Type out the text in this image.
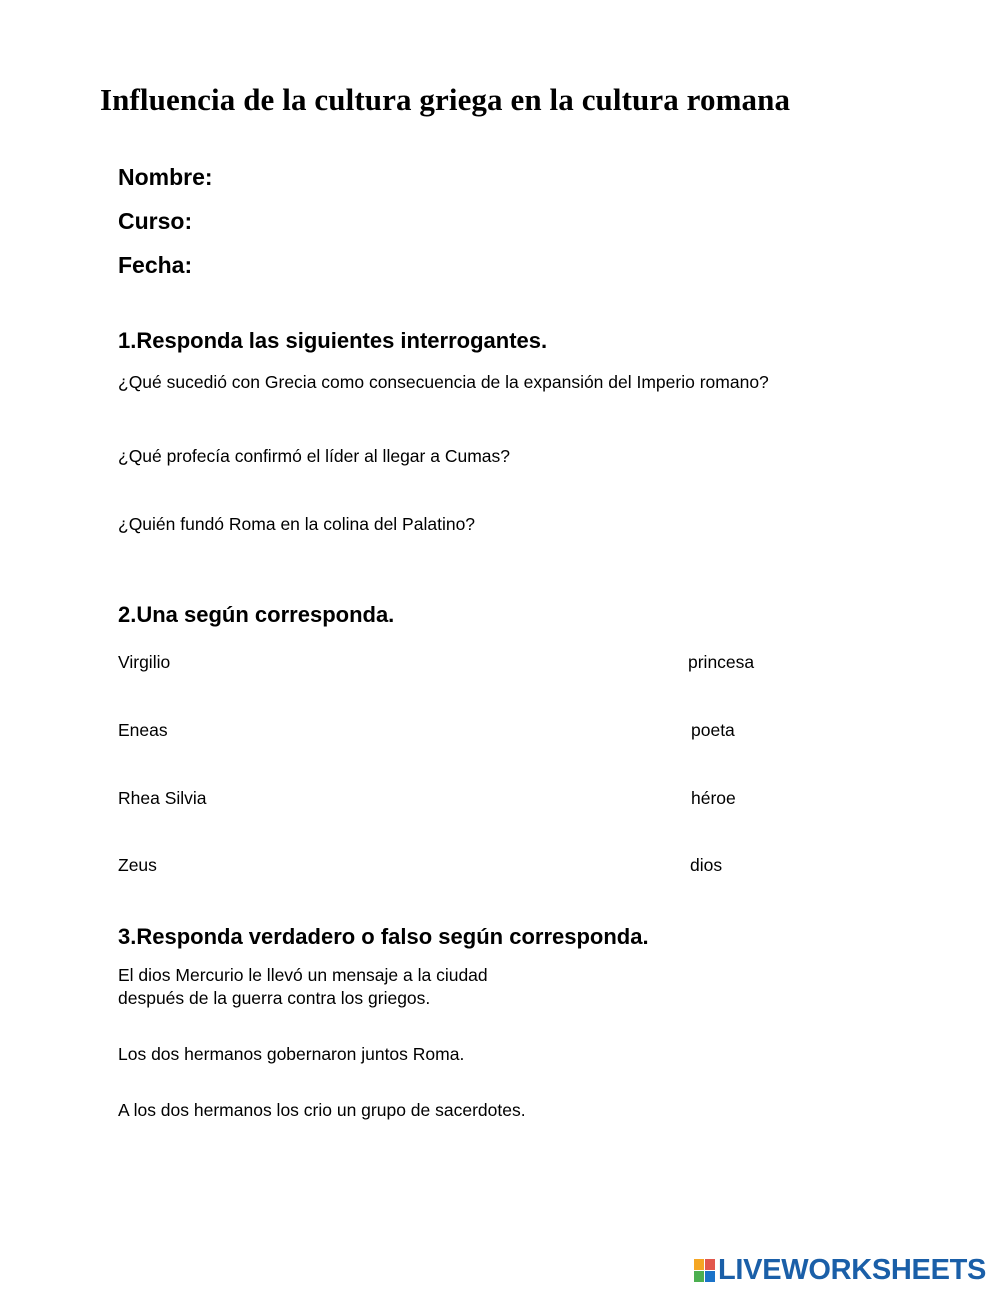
Influencia de la cultura griega en la cultura romana
Nombre:
Curso:
Fecha:
1.Responda las siguientes interrogantes.
¿Qué sucedió con Grecia como consecuencia de la expansión del Imperio romano?
¿Qué profecía confirmó el líder al llegar a Cumas?
¿Quién fundó Roma en la colina del Palatino?
2.Una según corresponda.
Virgilio	princesa
Eneas	poeta
Rhea Silvia	héroe
Zeus	dios
3.Responda verdadero o falso según corresponda.
El dios Mercurio le llevó un mensaje a la ciudad
después de la guerra contra los griegos.
Los dos hermanos gobernaron juntos Roma.
A los dos hermanos los crio un grupo de sacerdotes.
LIVEWORKSHEETS
